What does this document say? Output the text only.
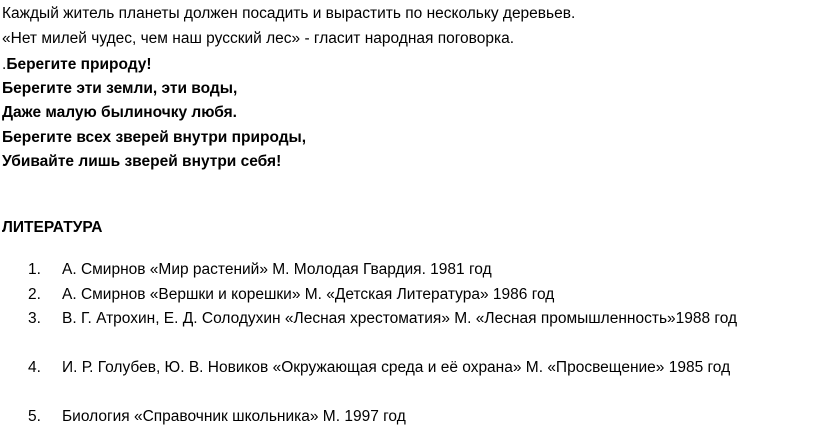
Каждый житель планеты должен посадить и вырастить по нескольку деревьев.
«Нет милей чудес, чем наш русский лес» - гласит народная поговорка.
.Берегите природу!
Берегите эти земли, эти воды,
Даже малую былиночку любя.
Берегите всех зверей внутри природы,
Убивайте лишь зверей внутри себя!
ЛИТЕРАТУРА
1.	А. Смирнов «Мир растений» М. Молодая Гвардия. 1981 год
2.	А. Смирнов «Вершки и корешки» М. «Детская Литература» 1986 год
3.	В. Г. Атрохин, Е. Д. Солодухин «Лесная хрестоматия» М. «Лесная промышленность»1988 год
4.	И. Р. Голубев, Ю. В. Новиков «Окружающая среда и её охрана» М. «Просвещение» 1985 год
5.	Биология «Справочник школьника» М. 1997 год
